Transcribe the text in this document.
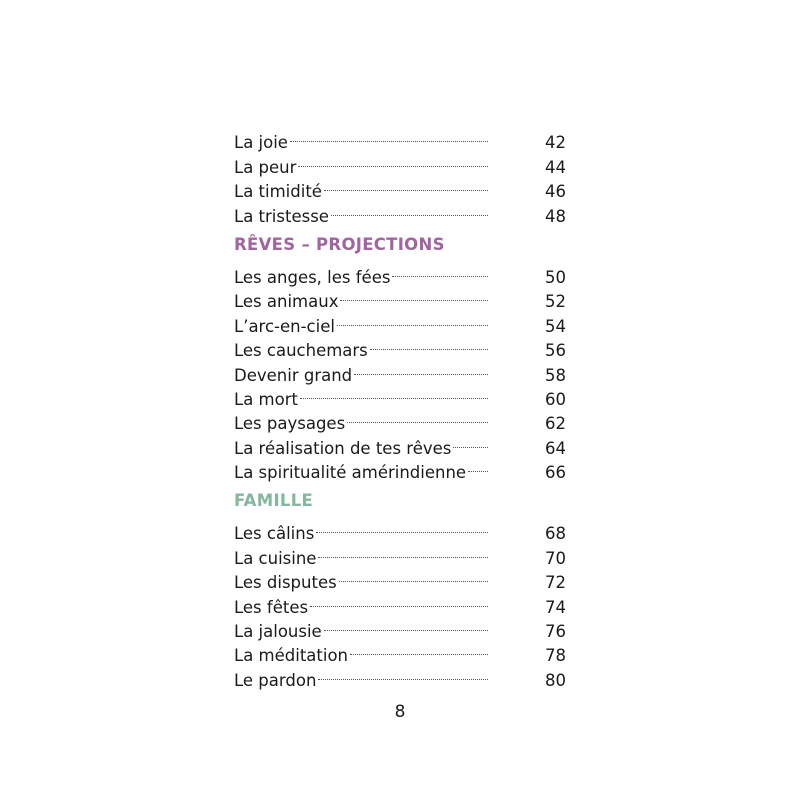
La joie	42
La peur	44
La timidité	46
La tristesse	48
RÊVES – PROJECTIONS
Les anges, les fées	50
Les animaux	52
L’arc-en-ciel	54
Les cauchemars	56
Devenir grand	58
La mort	60
Les paysages	62
La réalisation de tes rêves	64
La spiritualité amérindienne	66
FAMILLE
Les câlins	68
La cuisine	70
Les disputes	72
Les fêtes	74
La jalousie	76
La méditation	78
Le pardon	80
8
